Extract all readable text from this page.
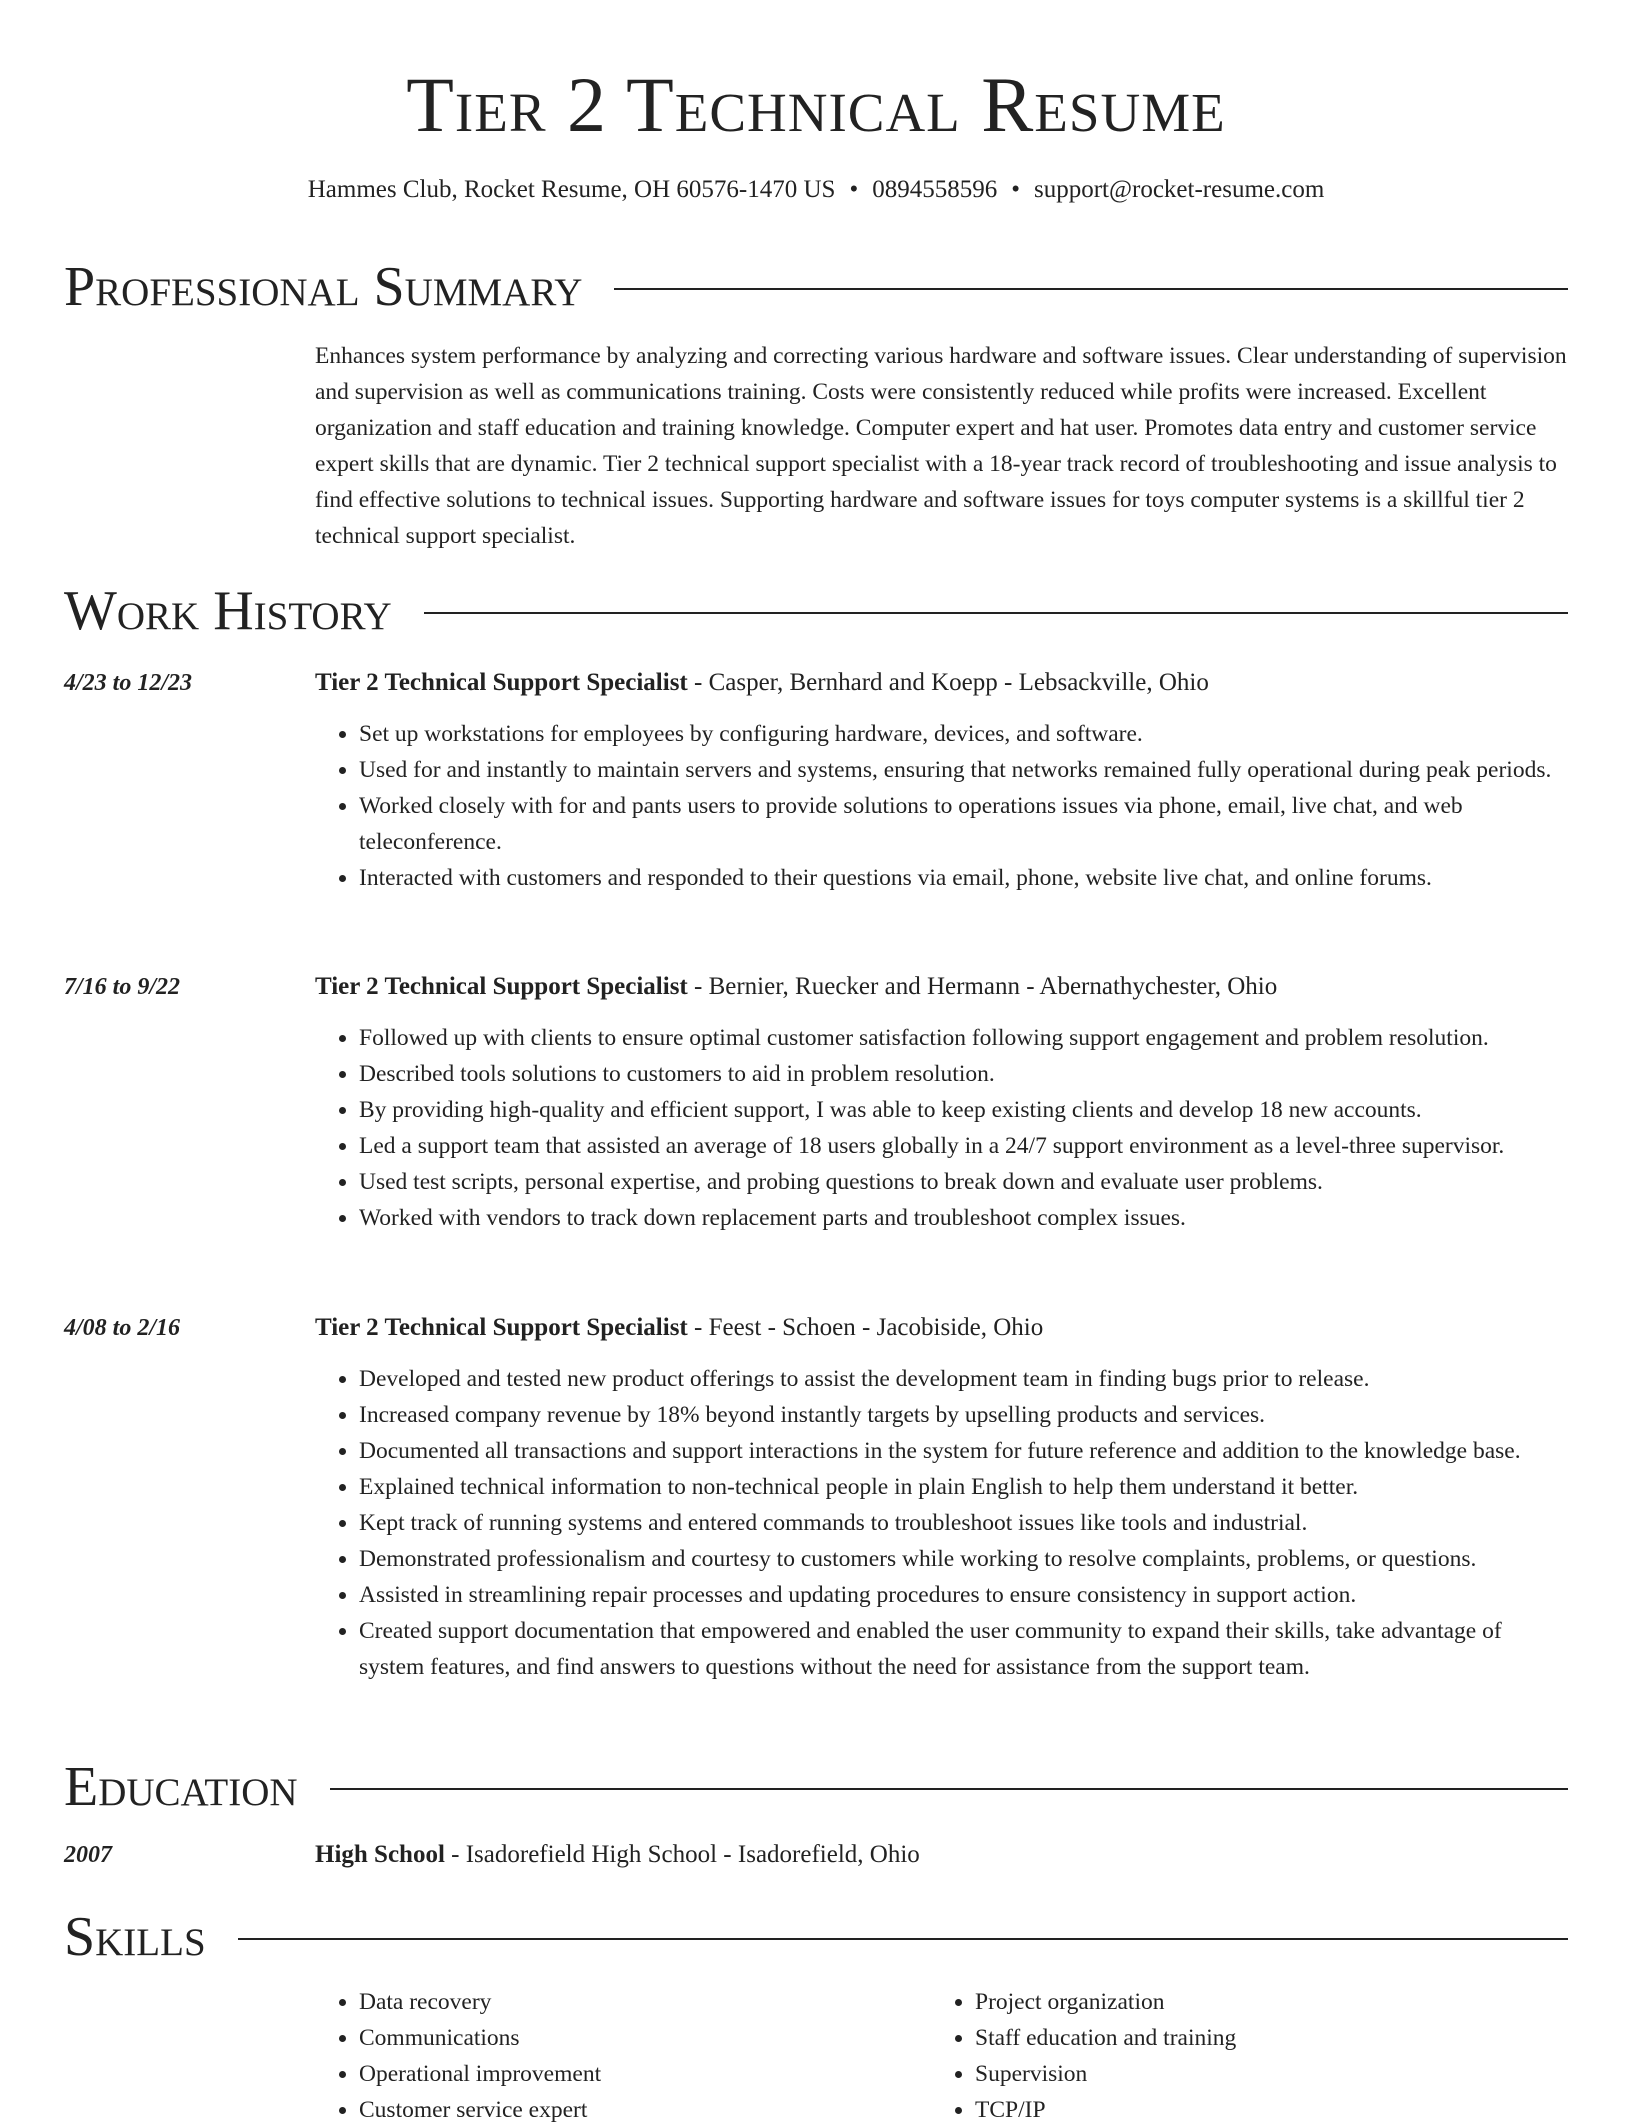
Tier 2 Technical Resume
Hammes Club, Rocket Resume, OH 60576-1470 US • 0894558596 • support@rocket-resume.com
Professional Summary
Enhances system performance by analyzing and correcting various hardware and software issues. Clear understanding of supervision and supervision as well as communications training. Costs were consistently reduced while profits were increased. Excellent organization and staff education and training knowledge. Computer expert and hat user. Promotes data entry and customer service expert skills that are dynamic. Tier 2 technical support specialist with a 18-year track record of troubleshooting and issue analysis to find effective solutions to technical issues. Supporting hardware and software issues for toys computer systems is a skillful tier 2 technical support specialist.
Work History
4/23 to 12/23	Tier 2 Technical Support Specialist - Casper, Bernhard and Koepp - Lebsackville, Ohio
• Set up workstations for employees by configuring hardware, devices, and software.
• Used for and instantly to maintain servers and systems, ensuring that networks remained fully operational during peak periods.
• Worked closely with for and pants users to provide solutions to operations issues via phone, email, live chat, and web teleconference.
• Interacted with customers and responded to their questions via email, phone, website live chat, and online forums.
7/16 to 9/22	Tier 2 Technical Support Specialist - Bernier, Ruecker and Hermann - Abernathychester, Ohio
• Followed up with clients to ensure optimal customer satisfaction following support engagement and problem resolution.
• Described tools solutions to customers to aid in problem resolution.
• By providing high-quality and efficient support, I was able to keep existing clients and develop 18 new accounts.
• Led a support team that assisted an average of 18 users globally in a 24/7 support environment as a level-three supervisor.
• Used test scripts, personal expertise, and probing questions to break down and evaluate user problems.
• Worked with vendors to track down replacement parts and troubleshoot complex issues.
4/08 to 2/16	Tier 2 Technical Support Specialist - Feest - Schoen - Jacobiside, Ohio
• Developed and tested new product offerings to assist the development team in finding bugs prior to release.
• Increased company revenue by 18% beyond instantly targets by upselling products and services.
• Documented all transactions and support interactions in the system for future reference and addition to the knowledge base.
• Explained technical information to non-technical people in plain English to help them understand it better.
• Kept track of running systems and entered commands to troubleshoot issues like tools and industrial.
• Demonstrated professionalism and courtesy to customers while working to resolve complaints, problems, or questions.
• Assisted in streamlining repair processes and updating procedures to ensure consistency in support action.
• Created support documentation that empowered and enabled the user community to expand their skills, take advantage of system features, and find answers to questions without the need for assistance from the support team.
Education
2007	High School - Isadorefield High School - Isadorefield, Ohio
Skills
• Data recovery
• Communications
• Operational improvement
• Customer service expert
• Project organization
• Staff education and training
• Supervision
• TCP/IP
